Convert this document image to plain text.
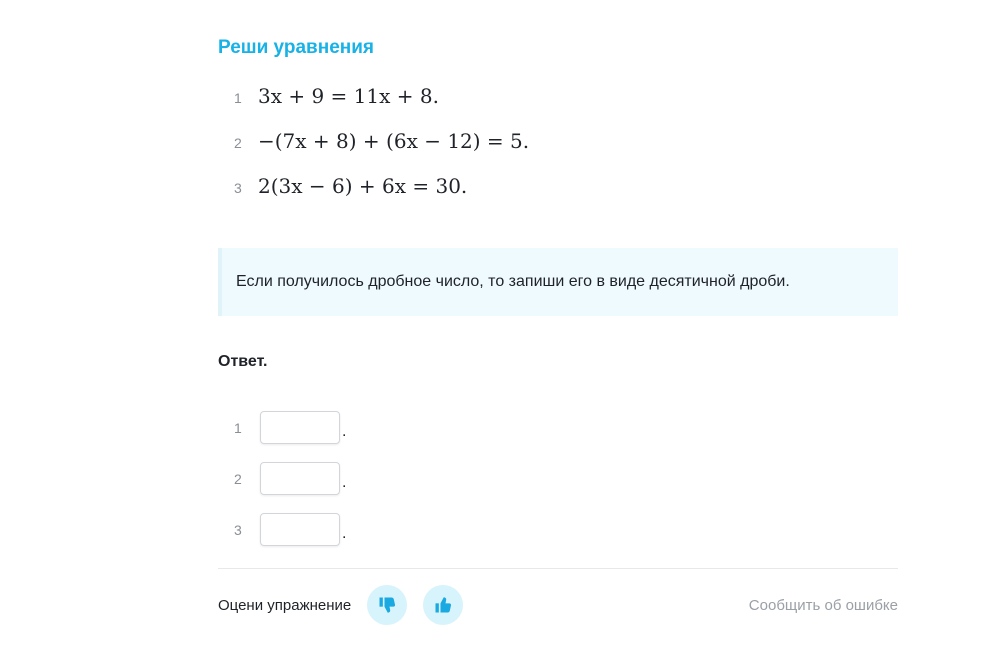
Реши уравнения
1 3x + 9 = 11x + 8.
2 −(7x + 8) + (6x − 12) = 5.
3 2(3x − 6) + 6x = 30.
Если получилось дробное число, то запиши его в виде десятичной дроби.
Ответ.
1	.
2	.
3	.
Оцени упражнение	Сообщить об ошибке
